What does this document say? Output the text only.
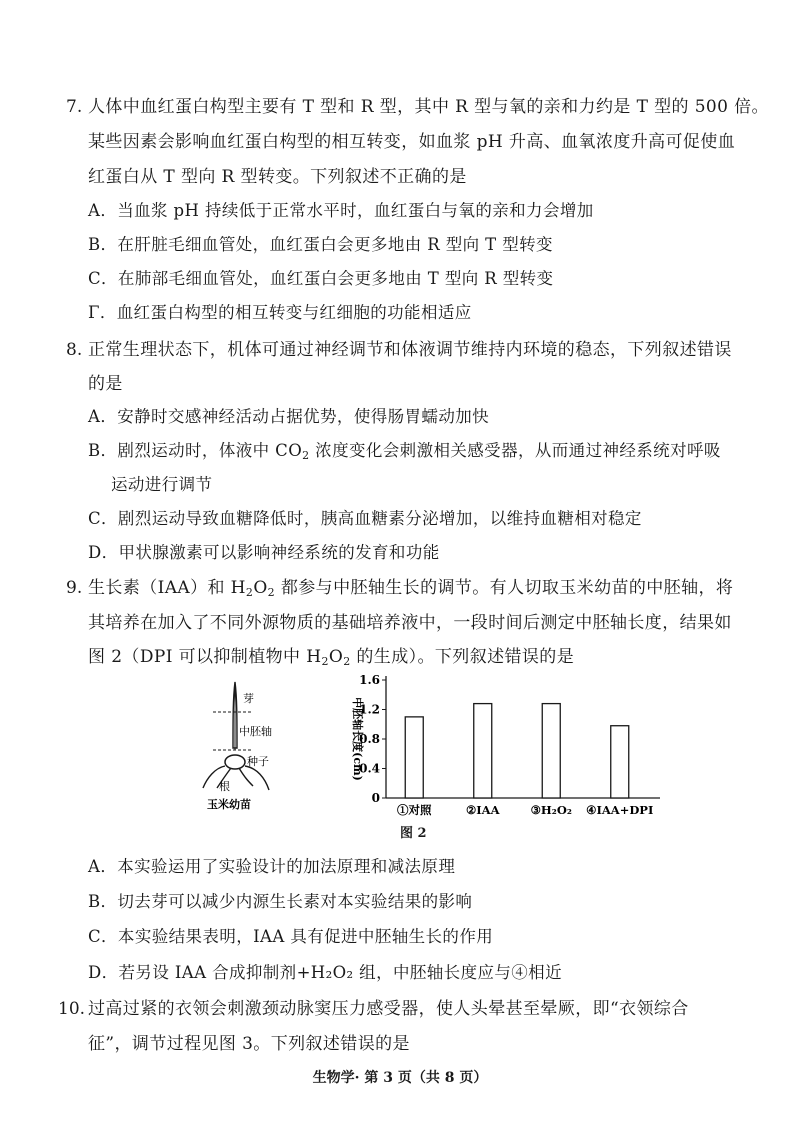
7. 人体中血红蛋白构型主要有 T 型和 R 型，其中 R 型与氧的亲和力约是 T 型的 500 倍。
某些因素会影响血红蛋白构型的相互转变，如血浆 pH 升高、血氧浓度升高可促使血
红蛋白从 T 型向 R 型转变。下列叙述不正确的是
A．当血浆 pH 持续低于正常水平时，血红蛋白与氧的亲和力会增加
B．在肝脏毛细血管处，血红蛋白会更多地由 R 型向 T 型转变
C．在肺部毛细血管处，血红蛋白会更多地由 T 型向 R 型转变
Γ．血红蛋白构型的相互转变与红细胞的功能相适应
8. 正常生理状态下，机体可通过神经调节和体液调节维持内环境的稳态，下列叙述错误
的是
A．安静时交感神经活动占据优势，使得肠胃蠕动加快
B．剧烈运动时，体液中 $CO_2$ 浓度变化会刺激相关感受器，从而通过神经系统对呼吸
运动进行调节
C．剧烈运动导致血糖降低时，胰高血糖素分泌增加，以维持血糖相对稳定
D．甲状腺激素可以影响神经系统的发育和功能
9. 生长素（IAA）和 $H_2O_2$ 都参与中胚轴生长的调节。有人切取玉米幼苗的中胚轴，将
其培养在加入了不同外源物质的基础培养液中，一段时间后测定中胚轴长度，结果如
图 2（DPI 可以抑制植物中 $H_2O_2$ 的生成）。下列叙述错误的是
芽
中胚轴
种子
根
玉米幼苗	0
0.4
0.8
1.2
1.6
中胚轴长度(cm)
①对照	②IAA	③H₂O₂ ④IAA+DPI
图 2
A．本实验运用了实验设计的加法原理和减法原理
B．切去芽可以减少内源生长素对本实验结果的影响
C．本实验结果表明，IAA 具有促进中胚轴生长的作用
D．若另设 IAA 合成抑制剂+H₂O₂ 组，中胚轴长度应与④相近
10. 过高过紧的衣领会刺激颈动脉窦压力感受器，使人头晕甚至晕厥，即“衣领综合
征”，调节过程见图 3。下列叙述错误的是
生物学· 第 3 页（共 8 页）
